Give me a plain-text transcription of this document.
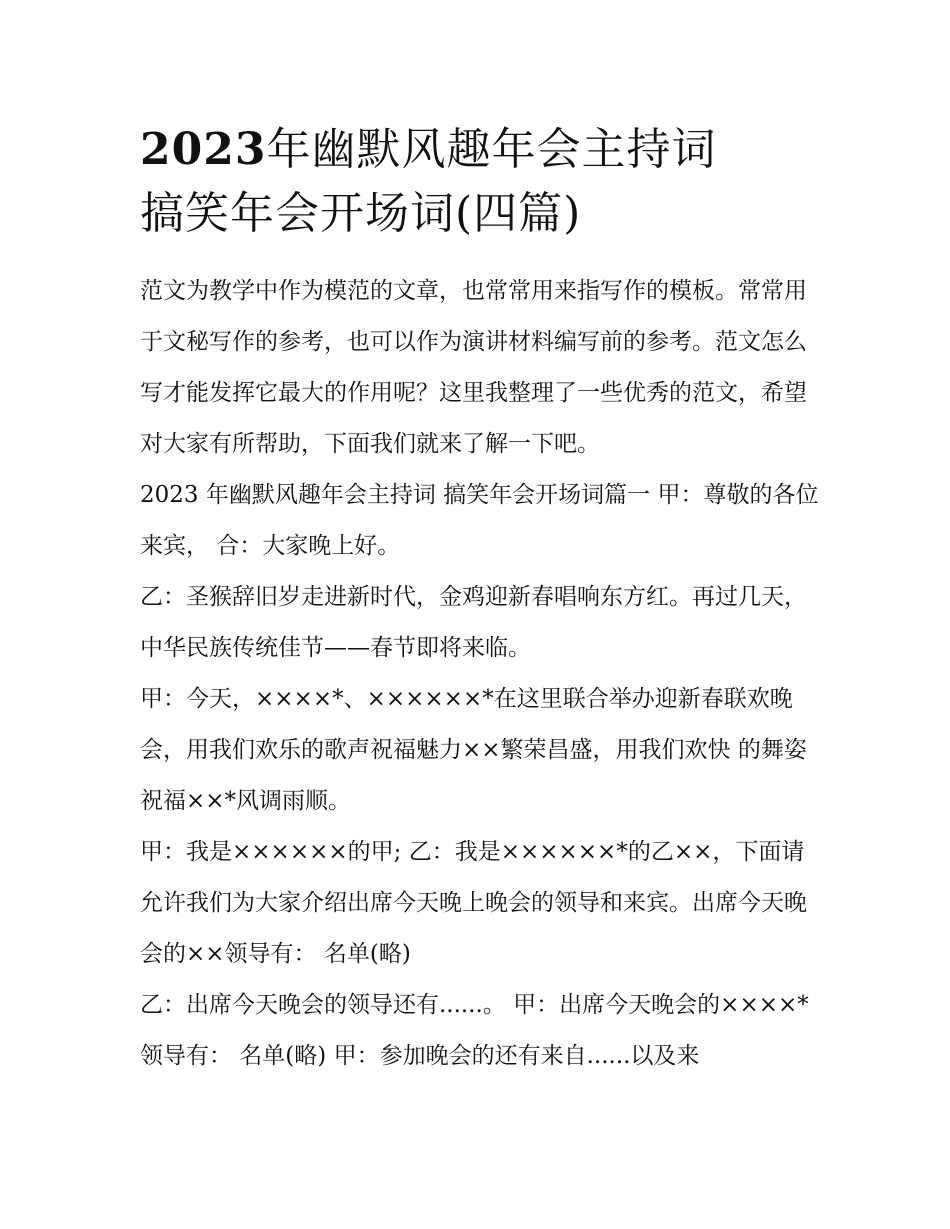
2023年幽默风趣年会主持词
搞笑年会开场词(四篇)

范文为教学中作为模范的文章，也常常用来指写作的模板。常常用于文秘写作的参考，也可以作为演讲材料编写前的参考。范文怎么写才能发挥它最大的作用呢？这里我整理了一些优秀的范文，希望对大家有所帮助，下面我们就来了解一下吧。

2023 年幽默风趣年会主持词 搞笑年会开场词篇一 甲：尊敬的各位来宾， 合：大家晚上好。

乙：圣猴辞旧岁走进新时代，金鸡迎新春唱响东方红。再过几天，中华民族传统佳节——春节即将来临。

甲：今天，××××*、××××××*在这里联合举办迎新春联欢晚会，用我们欢乐的歌声祝福魅力××繁荣昌盛，用我们欢快 的舞姿祝福××*风调雨顺。

甲：我是××××××的甲; 乙：我是××××××*的乙××，下面请允许我们为大家介绍出席今天晚上晚会的领导和来宾。出席今天晚会的××领导有： 名单(略)

乙：出席今天晚会的领导还有......。 甲：出席今天晚会的××××*领导有： 名单(略) 甲：参加晚会的还有来自......以及来
